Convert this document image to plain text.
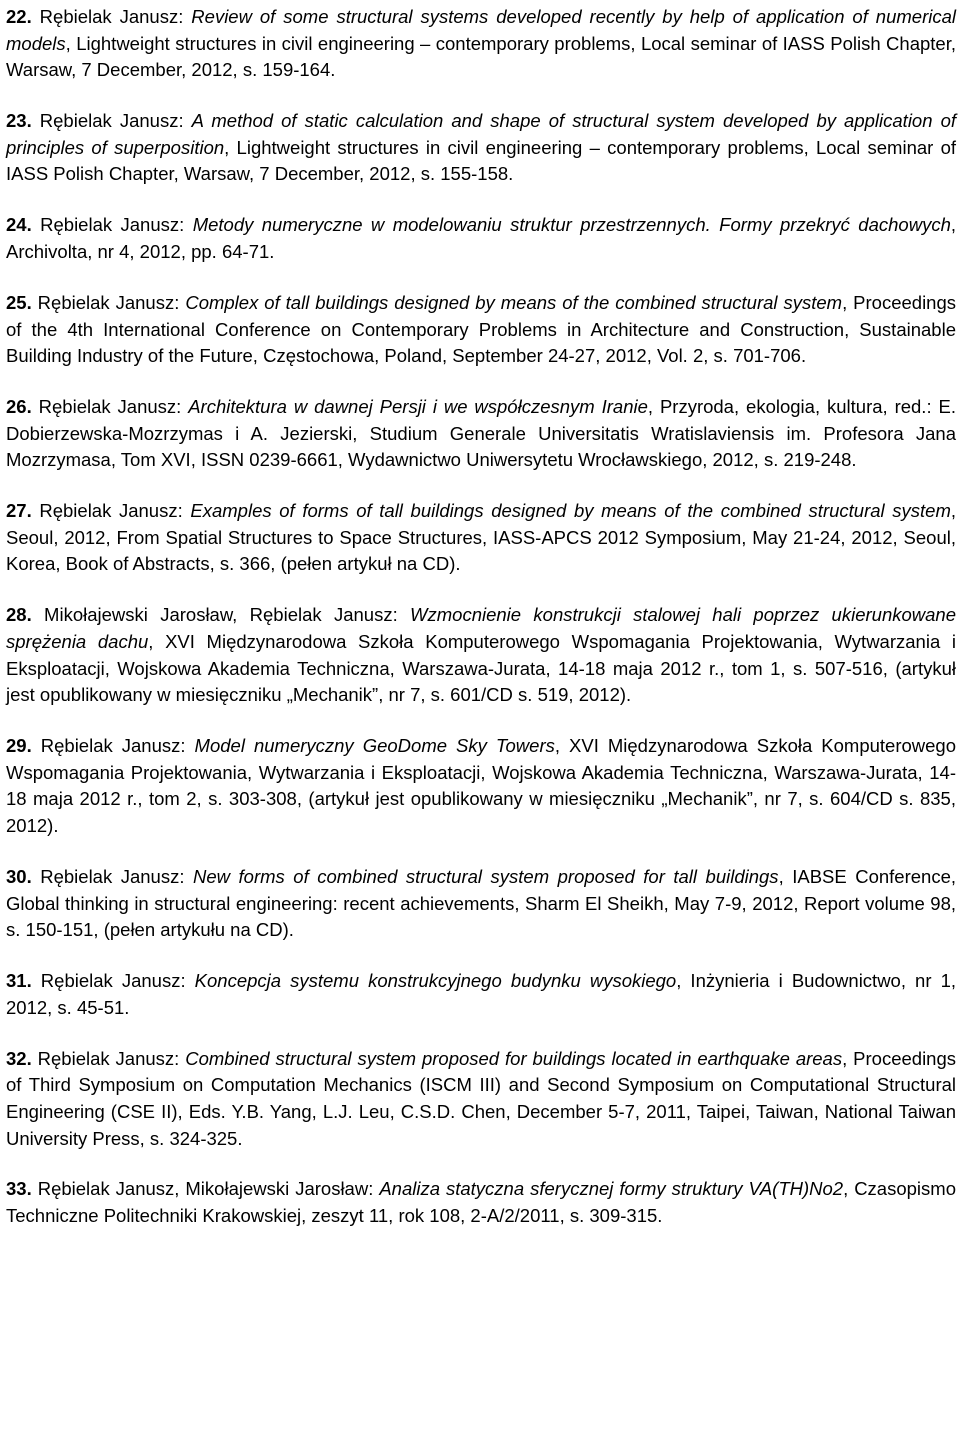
22. Rębielak Janusz: Review of some structural systems developed recently by help of application of numerical models, Lightweight structures in civil engineering – contemporary problems, Local seminar of IASS Polish Chapter, Warsaw, 7 December, 2012, s. 159-164.

23. Rębielak Janusz: A method of static calculation and shape of structural system developed by application of principles of superposition, Lightweight structures in civil engineering – contemporary problems, Local seminar of IASS Polish Chapter, Warsaw, 7 December, 2012, s. 155-158.

24. Rębielak Janusz: Metody numeryczne w modelowaniu struktur przestrzennych. Formy przekryć dachowych, Archivolta, nr 4, 2012, pp. 64-71.

25. Rębielak Janusz: Complex of tall buildings designed by means of the combined structural system, Proceedings of the 4th International Conference on Contemporary Problems in Architecture and Construction, Sustainable Building Industry of the Future, Częstochowa, Poland, September 24-27, 2012, Vol. 2, s. 701-706.

26. Rębielak Janusz: Architektura w dawnej Persji i we współczesnym Iranie, Przyroda, ekologia, kultura, red.: E. Dobierzewska-Mozrzymas i A. Jezierski, Studium Generale Universitatis Wratislaviensis im. Profesora Jana Mozrzymasa, Tom XVI, ISSN 0239-6661, Wydawnictwo Uniwersytetu Wrocławskiego, 2012, s. 219-248.

27. Rębielak Janusz: Examples of forms of tall buildings designed by means of the combined structural system, Seoul, 2012, From Spatial Structures to Space Structures, IASS-APCS 2012 Symposium, May 21-24, 2012, Seoul, Korea, Book of Abstracts, s. 366, (pełen artykuł na CD).

28. Mikołajewski Jarosław, Rębielak Janusz: Wzmocnienie konstrukcji stalowej hali poprzez ukierunkowane sprężenia dachu, XVI Międzynarodowa Szkoła Komputerowego Wspomagania Projektowania, Wytwarzania i Eksploatacji, Wojskowa Akademia Techniczna, Warszawa-Jurata, 14-18 maja 2012 r., tom 1, s. 507-516, (artykuł jest opublikowany w miesięczniku „Mechanik”, nr 7, s. 601/CD s. 519, 2012).

29. Rębielak Janusz: Model numeryczny GeoDome Sky Towers, XVI Międzynarodowa Szkoła Komputerowego Wspomagania Projektowania, Wytwarzania i Eksploatacji, Wojskowa Akademia Techniczna, Warszawa-Jurata, 14-18 maja 2012 r., tom 2, s. 303-308, (artykuł jest opublikowany w miesięczniku „Mechanik”, nr 7, s. 604/CD s. 835, 2012).

30. Rębielak Janusz: New forms of combined structural system proposed for tall buildings, IABSE Conference, Global thinking in structural engineering: recent achievements, Sharm El Sheikh, May 7-9, 2012, Report volume 98, s. 150-151, (pełen artykułu na CD).

31. Rębielak Janusz: Koncepcja systemu konstrukcyjnego budynku wysokiego, Inżynieria i Budownictwo, nr 1, 2012, s. 45-51.

32. Rębielak Janusz: Combined structural system proposed for buildings located in earthquake areas, Proceedings of Third Symposium on Computation Mechanics (ISCM III) and Second Symposium on Computational Structural Engineering (CSE II), Eds. Y.B. Yang, L.J. Leu, C.S.D. Chen, December 5-7, 2011, Taipei, Taiwan, National Taiwan University Press, s. 324-325.

33. Rębielak Janusz, Mikołajewski Jarosław: Analiza statyczna sferycznej formy struktury VA(TH)No2, Czasopismo Techniczne Politechniki Krakowskiej, zeszyt 11, rok 108, 2-A/2/2011, s. 309-315.
